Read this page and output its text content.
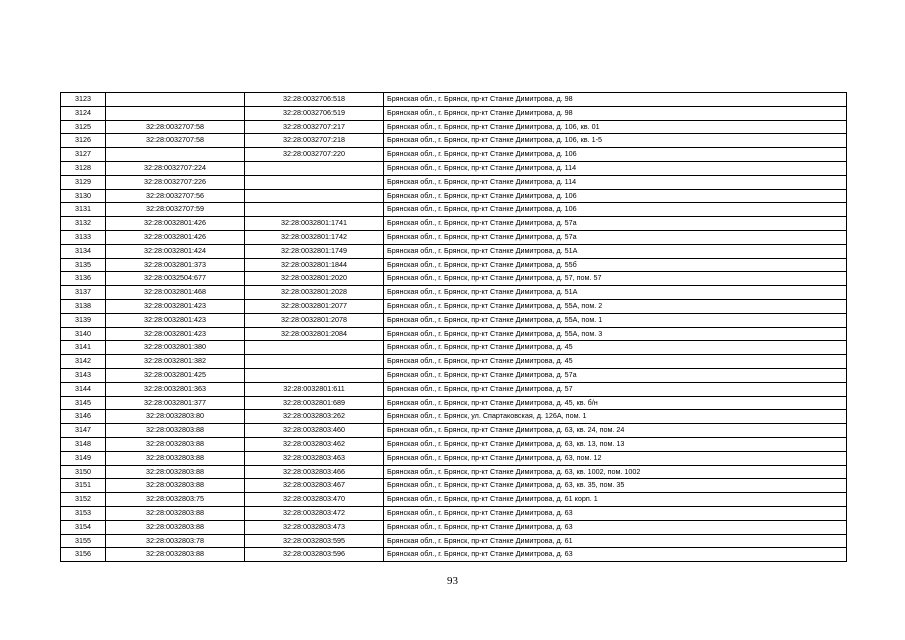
3123		32:28:0032706:518	Брянская обл., г. Брянск, пр-кт Станке Димитрова, д. 98
3124		32:28:0032706:519	Брянская обл., г. Брянск, пр-кт Станке Димитрова, д. 98
3125	32:28:0032707:58	32:28:0032707:217	Брянская обл., г. Брянск, пр-кт Станке Димитрова, д. 106, кв. 01
3126	32:28:0032707:58	32:28:0032707:218	Брянская обл., г. Брянск, пр-кт Станке Димитрова, д. 106, кв. 1-5
3127		32:28:0032707:220	Брянская обл., г. Брянск, пр-кт Станке Димитрова, д. 106
3128	32:28:0032707:224		Брянская обл., г. Брянск, пр-кт Станке Димитрова, д. 114
3129	32:28:0032707:226		Брянская обл., г. Брянск, пр-кт Станке Димитрова, д. 114
3130	32:28:0032707:56		Брянская обл., г. Брянск, пр-кт Станке Димитрова, д. 106
3131	32:28:0032707:59		Брянская обл., г. Брянск, пр-кт Станке Димитрова, д. 106
3132	32:28:0032801:426	32:28:0032801:1741	Брянская обл., г. Брянск, пр-кт Станке Димитрова, д. 57а
3133	32:28:0032801:426	32:28:0032801:1742	Брянская обл., г. Брянск, пр-кт Станке Димитрова, д. 57а
3134	32:28:0032801:424	32:28:0032801:1749	Брянская обл., г. Брянск, пр-кт Станке Димитрова, д. 51А
3135	32:28:0032801:373	32:28:0032801:1844	Брянская обл., г. Брянск, пр-кт Станке Димитрова, д. 55б
3136	32:28:0032504:677	32:28:0032801:2020	Брянская обл., г. Брянск, пр-кт Станке Димитрова, д. 57, пом. 57
3137	32:28:0032801:468	32:28:0032801:2028	Брянская обл., г. Брянск, пр-кт Станке Димитрова, д. 51А
3138	32:28:0032801:423	32:28:0032801:2077	Брянская обл., г. Брянск, пр-кт Станке Димитрова, д. 55А, пом. 2
3139	32:28:0032801:423	32:28:0032801:2078	Брянская обл., г. Брянск, пр-кт Станке Димитрова, д. 55А, пом. 1
3140	32:28:0032801:423	32:28:0032801:2084	Брянская обл., г. Брянск, пр-кт Станке Димитрова, д. 55А, пом. 3
3141	32:28:0032801:380		Брянская обл., г. Брянск, пр-кт Станке Димитрова, д. 45
3142	32:28:0032801:382		Брянская обл., г. Брянск, пр-кт Станке Димитрова, д. 45
3143	32:28:0032801:425		Брянская обл., г. Брянск, пр-кт Станке Димитрова, д. 57а
3144	32:28:0032801:363	32:28:0032801:611	Брянская обл., г. Брянск, пр-кт Станке Димитрова, д. 57
3145	32:28:0032801:377	32:28:0032801:689	Брянская обл., г. Брянск, пр-кт Станке Димитрова, д. 45, кв. б/н
3146	32:28:0032803:80	32:28:0032803:262	Брянская обл., г. Брянск, ул. Спартаковская, д. 126А, пом. 1
3147	32:28:0032803:88	32:28:0032803:460	Брянская обл., г. Брянск, пр-кт Станке Димитрова, д. 63, кв. 24, пом. 24
3148	32:28:0032803:88	32:28:0032803:462	Брянская обл., г. Брянск, пр-кт Станке Димитрова, д. 63, кв. 13, пом. 13
3149	32:28:0032803:88	32:28:0032803:463	Брянская обл., г. Брянск, пр-кт Станке Димитрова, д. 63, пом. 12
3150	32:28:0032803:88	32:28:0032803:466	Брянская обл., г. Брянск, пр-кт Станке Димитрова, д. 63, кв. 1002, пом. 1002
3151	32:28:0032803:88	32:28:0032803:467	Брянская обл., г. Брянск, пр-кт Станке Димитрова, д. 63, кв. 35, пом. 35
3152	32:28:0032803:75	32:28:0032803:470	Брянская обл., г. Брянск, пр-кт Станке Димитрова, д. 61 корп. 1
3153	32:28:0032803:88	32:28:0032803:472	Брянская обл., г. Брянск, пр-кт Станке Димитрова, д. 63
3154	32:28:0032803:88	32:28:0032803:473	Брянская обл., г. Брянск, пр-кт Станке Димитрова, д. 63
3155	32:28:0032803:78	32:28:0032803:595	Брянская обл., г. Брянск, пр-кт Станке Димитрова, д. 61
3156	32:28:0032803:88	32:28:0032803:596	Брянская обл., г. Брянск, пр-кт Станке Димитрова, д. 63
93
